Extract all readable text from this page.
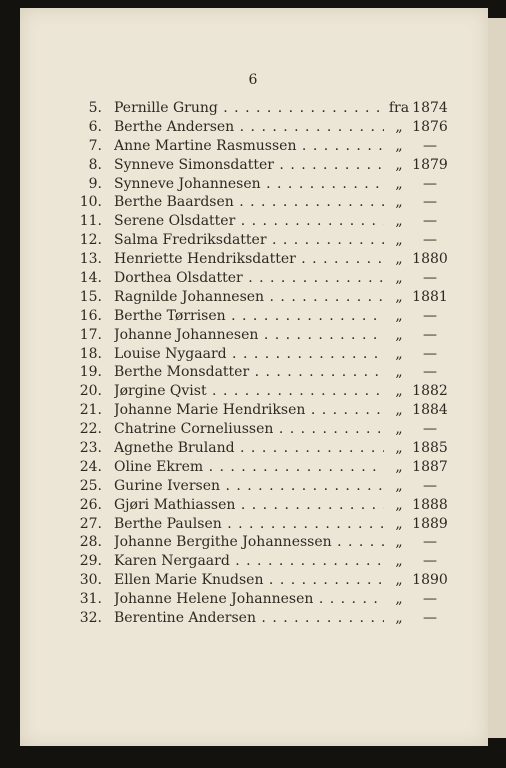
6
5. Pernille Grung . . .	fra 1874
6. Berthe Andersen . . .	„ 1876
7. Anne Martine Rasmussen . . .	„	—
8. Synneve Simonsdatter . . .	„ 1879
9. Synneve Johannesen . . .	„	—
10. Berthe Baardsen . . .	„	—
11. Serene Olsdatter . . .	„	—
12. Salma Fredriksdatter . . .	„	—
13. Henriette Hendriksdatter . . .	„ 1880
14. Dorthea Olsdatter . . .	„	—
15. Ragnilde Johannesen . . .	„ 1881
16. Berthe Tørrisen . . .	„	—
17. Johanne Johannesen . . .	„	—
18. Louise Nygaard . . .	„	—
19. Berthe Monsdatter . . .	„	—
20. Jørgine Qvist . . .	„ 1882
21. Johanne Marie Hendriksen . . .	„ 1884
22. Chatrine Corneliussen . . .	„	—
23. Agnethe Bruland . . .	„ 1885
24. Oline Ekrem . . .	„ 1887
25. Gurine Iversen . . .	„	—
26. Gjøri Mathiassen . . .	„ 1888
27. Berthe Paulsen . . .	„ 1889
28. Johanne Bergithe Johannessen . . .	„	—
29. Karen Nergaard . . .	„	—
30. Ellen Marie Knudsen . . .	„ 1890
31. Johanne Helene Johannesen . . .	„	—
32. Berentine Andersen . . .	„	—
